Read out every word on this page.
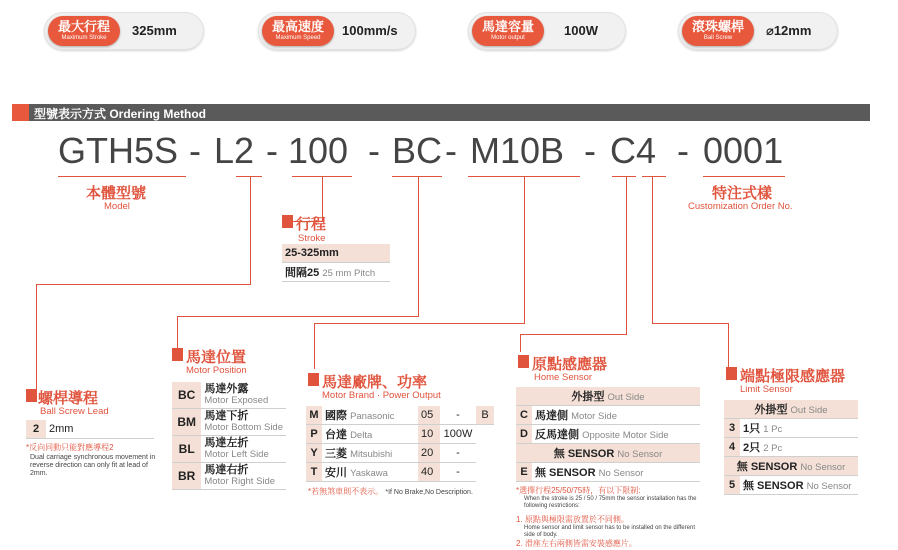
最大行程
Maximum Stroke	325mm	最高速度
Maximum Speed	100mm/s	馬達容量
Motor output	100W	滾珠螺桿
Ball Screw	⌀12mm
型號表示方式 Ordering Method
GTH5S - L2 - 100 - BC - M10B - C4 - 0001
本體型號
Model
特注式樣
Customization Order No.
行程
Stroke
25-325mm
間隔25 25 mm Pitch
螺桿導程
Ball Screw Lead
2	2mm
*反向同動只能對應導程2
Dual carriage synchronous movement in reverse direction can only fit at lead of 2mm.
馬達位置
Motor Position
BC	馬達外露
Motor Exposed
BM	馬達下折
Motor Bottom Side
BL	馬達左折
Motor Left Side
BR	馬達右折
Motor Right Side
馬達廠牌、功率
Motor Brand · Power Output
M	國際 Panasonic	05	-	B
P	台達 Delta	10	100W	
Y	三菱 Mitsubishi	20	-	
T	安川 Yaskawa	40	-	
*若無煞車則不表示。 *If No Brake,No Description.
原點感應器
Home Sensor
外掛型 Out Side	
C	馬達側 Motor Side
D	反馬達側 Opposite Motor Side
無 SENSOR No Sensor	
E	無 SENSOR No Sensor
*選擇行程25/50/75時，有以下限制:
When the stroke is 25 / 50 / 75mm the sensor installation has the following restrictions:
1. 原點與極限需放置於不同側。
Home sensor and limit sensor has to be installed on the different side of body.
2. 滑座左右兩側皆需安裝感應片。
端點極限感應器
Limit Sensor
外掛型 Out Side	
3	1只 1 Pc
4	2只 2 Pc
無 SENSOR No Sensor	
5	無 SENSOR No Sensor
